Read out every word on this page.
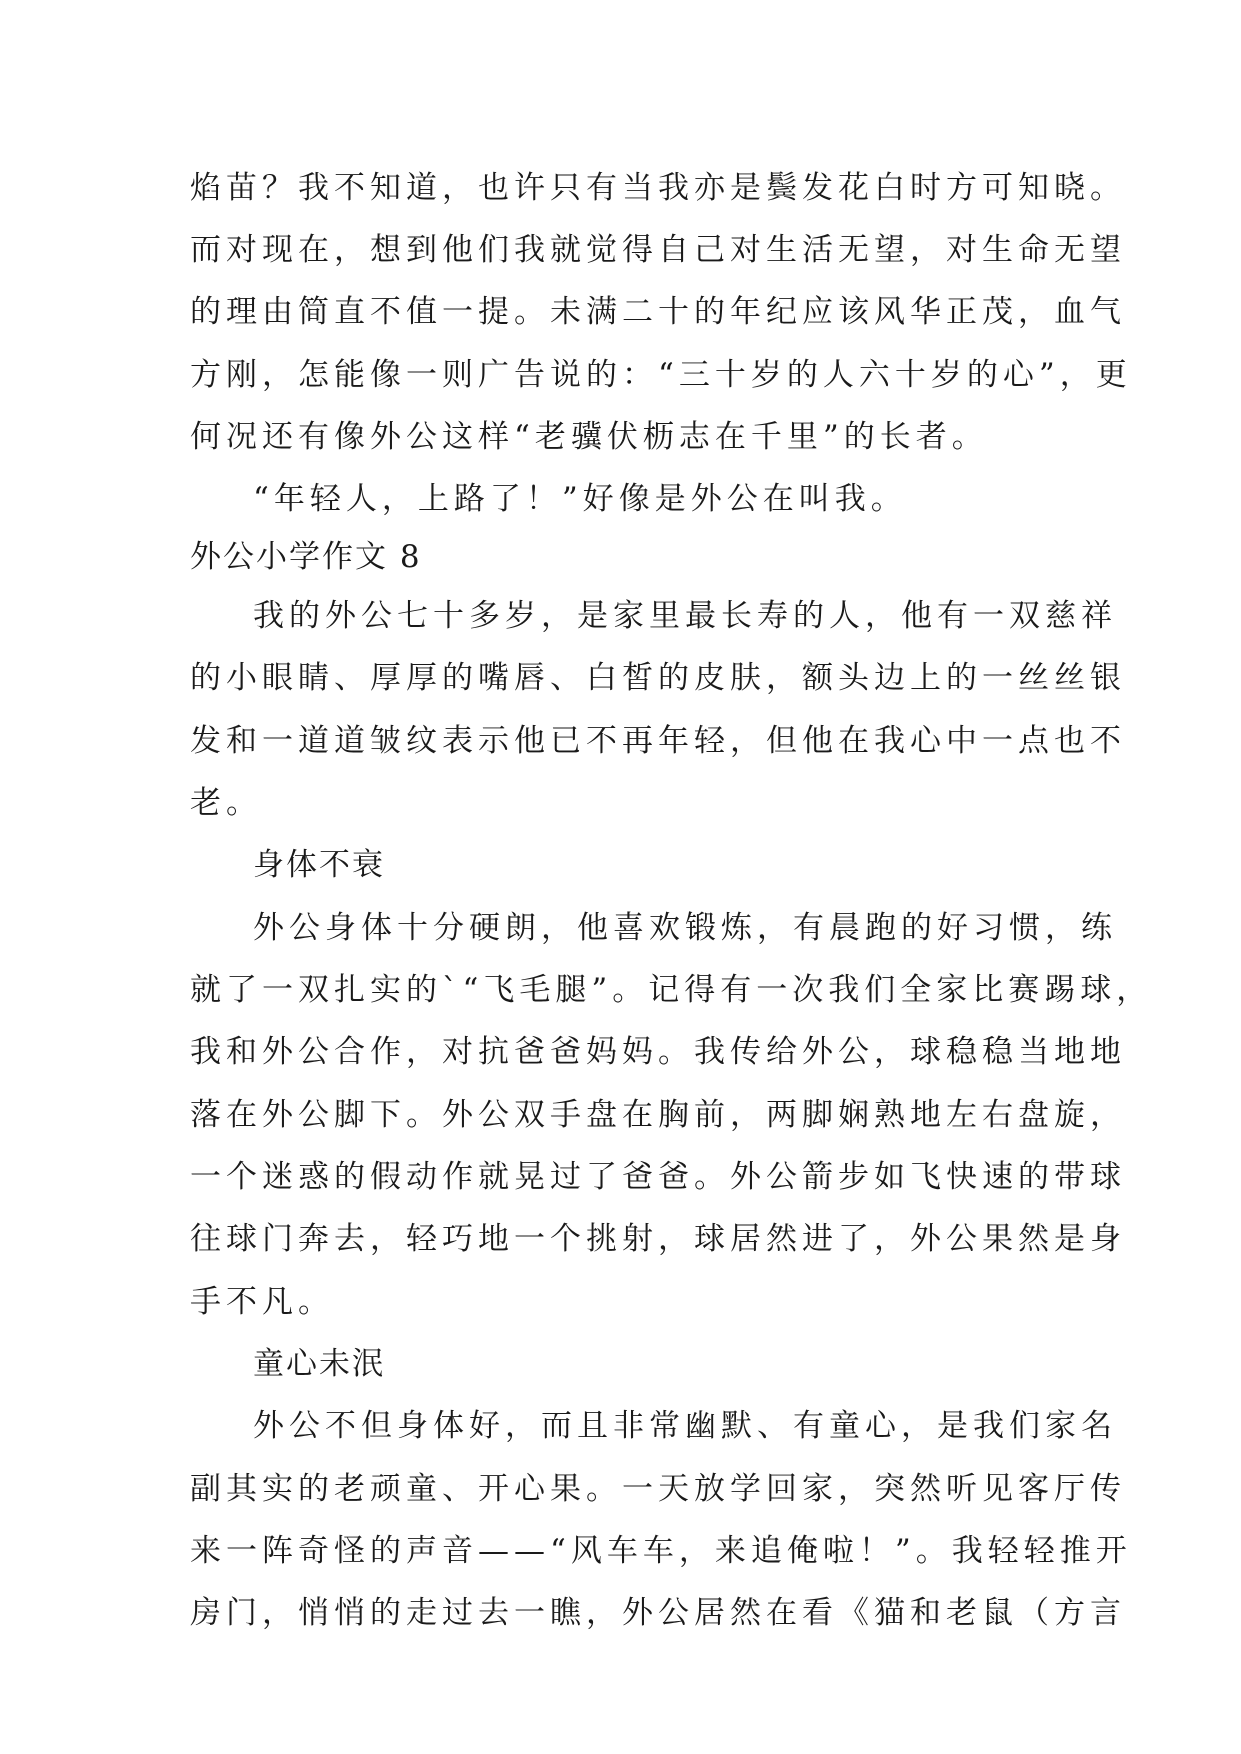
焰苗？我不知道，也许只有当我亦是鬓发花白时方可知晓。
而对现在，想到他们我就觉得自己对生活无望，对生命无望
的理由简直不值一提。未满二十的年纪应该风华正茂，血气
方刚，怎能像一则广告说的：“三十岁的人六十岁的心”，更
何况还有像外公这样“老骥伏枥志在千里”的长者。
“年轻人，上路了！”好像是外公在叫我。
外公小学作文 8
我的外公七十多岁，是家里最长寿的人，他有一双慈祥
的小眼睛、厚厚的嘴唇、白皙的皮肤，额头边上的一丝丝银
发和一道道皱纹表示他已不再年轻，但他在我心中一点也不
老。
身体不衰
外公身体十分硬朗，他喜欢锻炼，有晨跑的好习惯，练
就了一双扎实的`“飞毛腿”。记得有一次我们全家比赛踢球，
我和外公合作，对抗爸爸妈妈。我传给外公，球稳稳当地地
落在外公脚下。外公双手盘在胸前，两脚娴熟地左右盘旋，
一个迷惑的假动作就晃过了爸爸。外公箭步如飞快速的带球
往球门奔去，轻巧地一个挑射，球居然进了，外公果然是身
手不凡。
童心未泯
外公不但身体好，而且非常幽默、有童心，是我们家名
副其实的老顽童、开心果。一天放学回家，突然听见客厅传
来一阵奇怪的声音——“风车车，来追俺啦！”。我轻轻推开
房门，悄悄的走过去一瞧，外公居然在看《猫和老鼠（方言
